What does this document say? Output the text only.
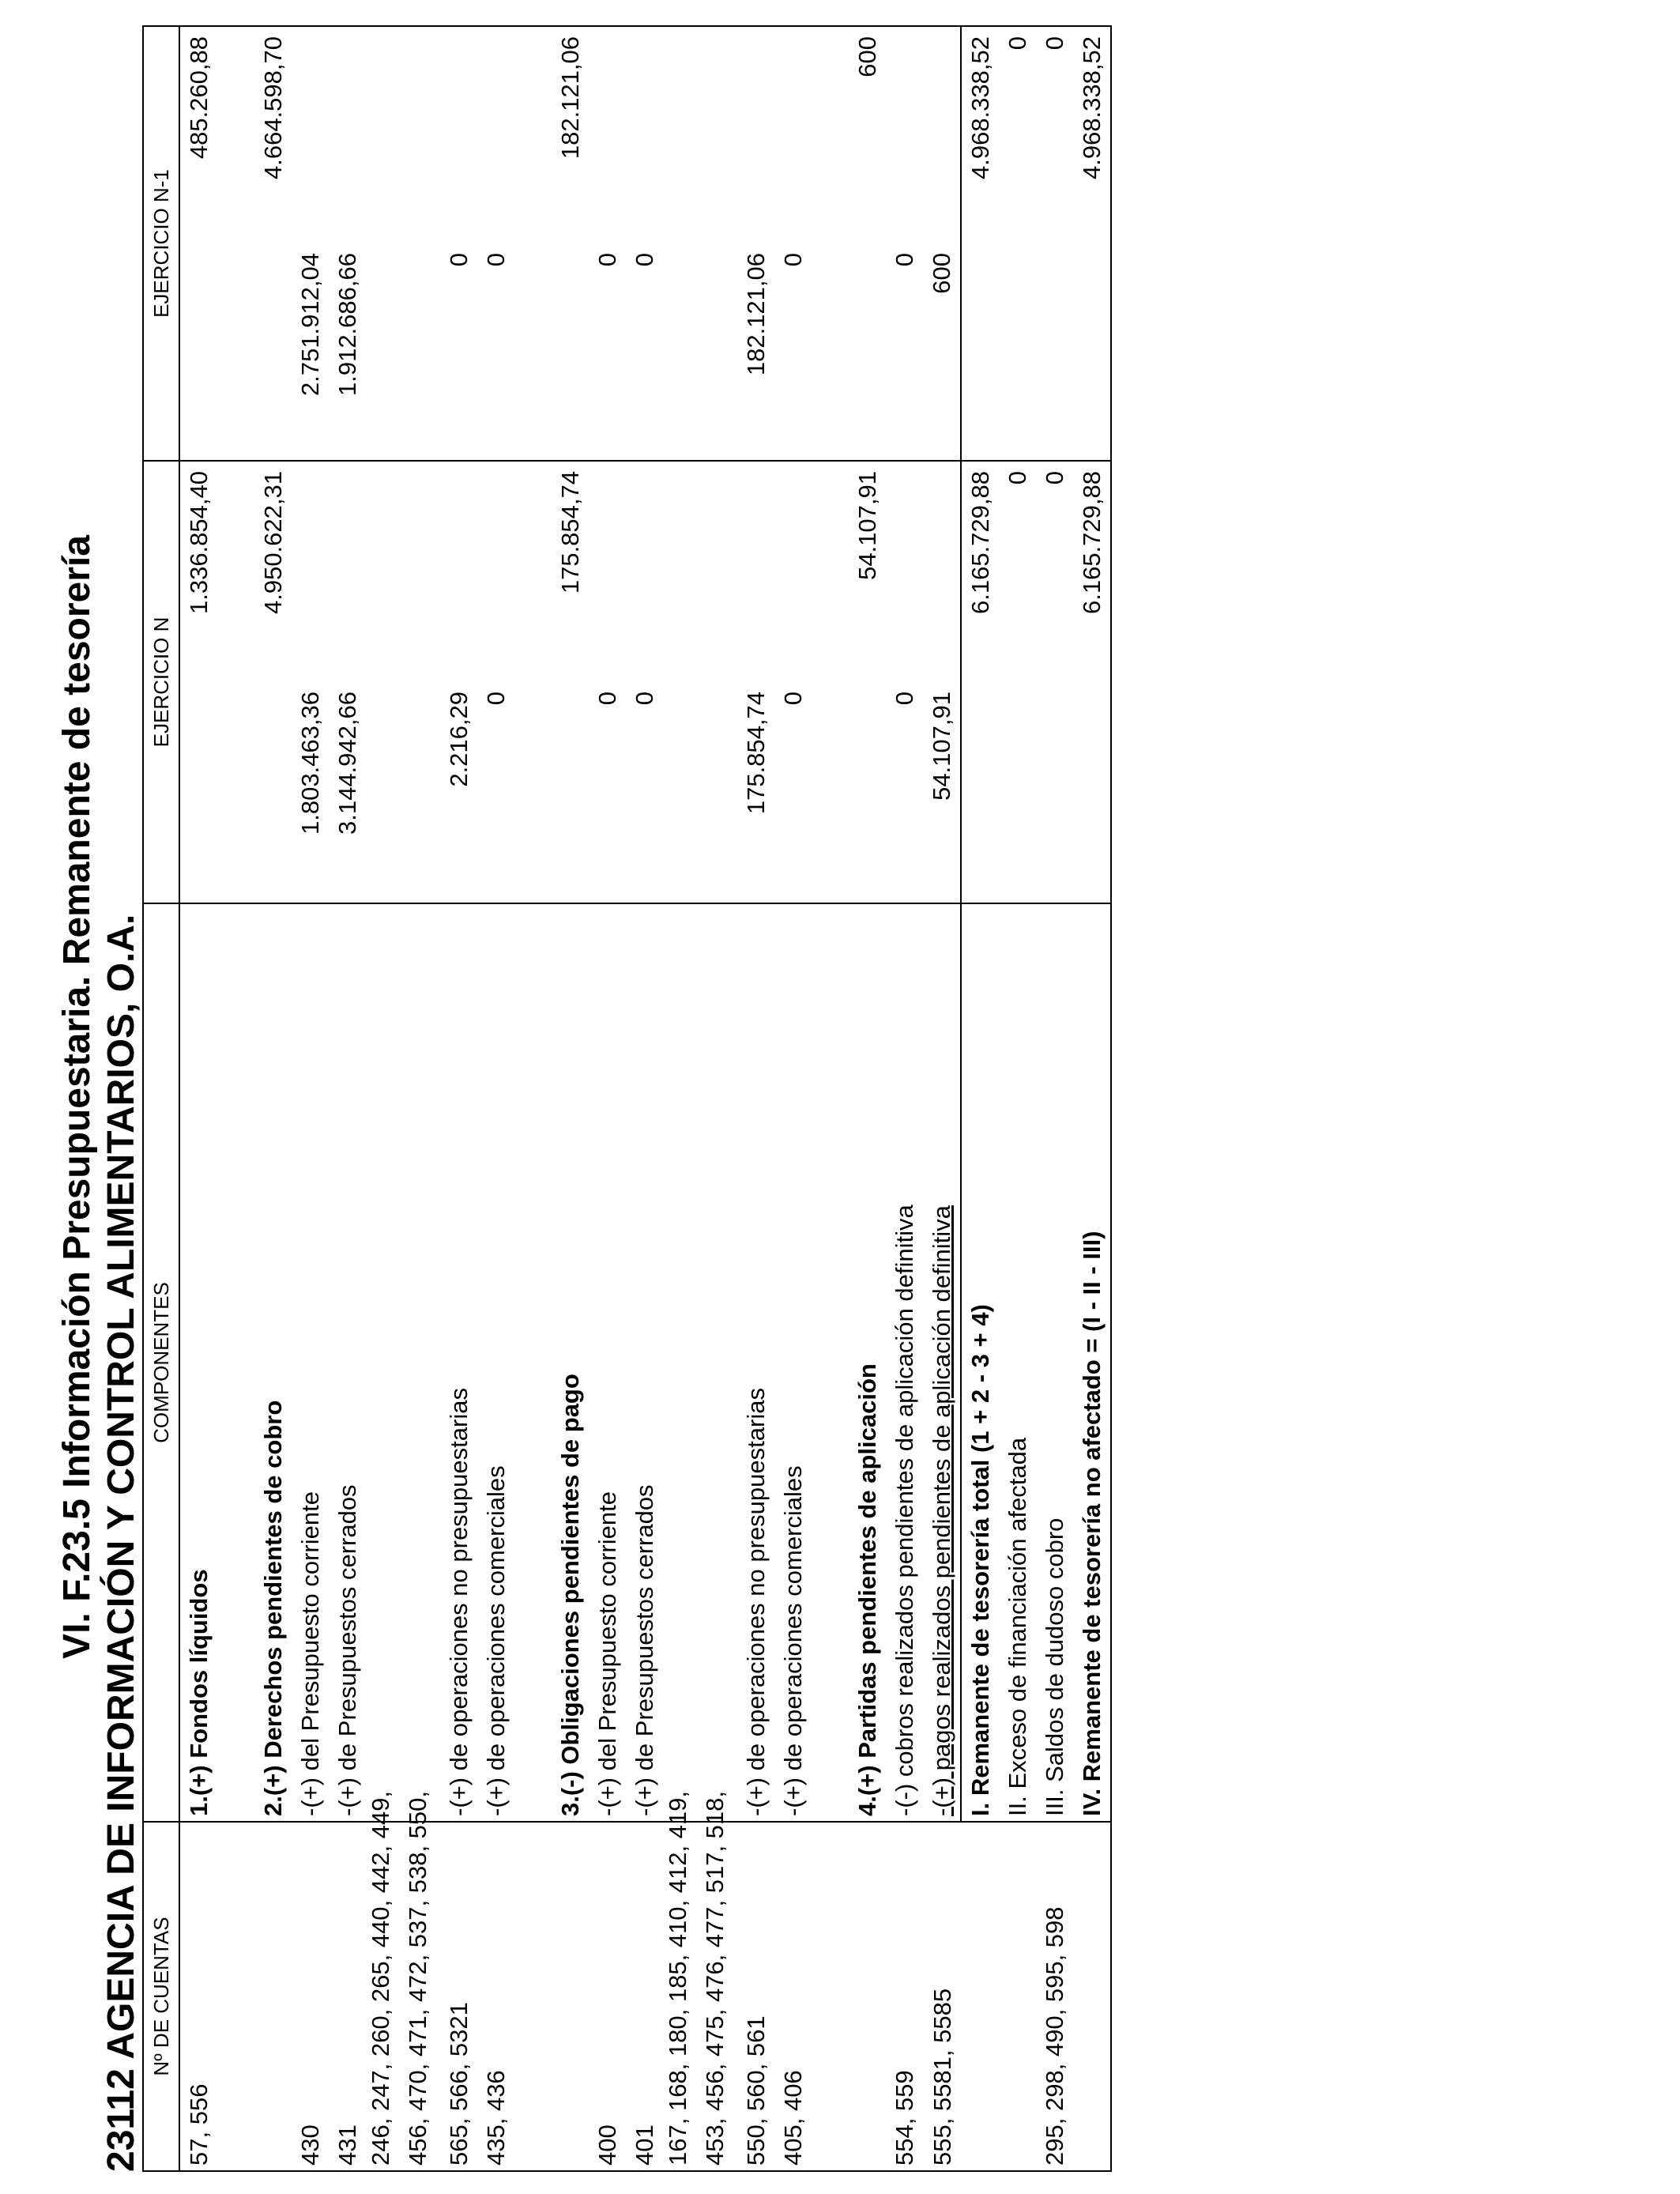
VI. F.23.5 Información Presupuestaria. Remanente de tesorería 23112 AGENCIA DE INFORMACIÓN Y CONTROL ALIMENTARIOS, O.A. Nº DE CUENTAS	COMPONENTES	EJERCICIO N		EJERCICIO N-1	
57, 556	1.(+) Fondos líquidos		1.336.854,40		485.260,88

	2.(+) Derechos pendientes de cobro		4.950.622,31		4.664.598,70
430	-(+) del Presupuesto corriente	1.803.463,36		2.751.912,04	
431	-(+) de Presupuestos cerrados	3.144.942,66		1.912.686,66	
246, 247, 260, 265, 440, 442, 449,					
456, 470, 471, 472, 537, 538, 550,					
565, 566, 5321	-(+) de operaciones no presupuestarias	2.216,29		0	
435, 436	-(+) de operaciones comerciales	0		0	

	3.(-) Obligaciones pendientes de pago		175.854,74		182.121,06
400	-(+) del Presupuesto corriente	0		0	
401	-(+) de Presupuestos cerrados	0		0	
167, 168, 180, 185, 410, 412, 419,					
453, 456, 475, 476, 477, 517, 518,					
550, 560, 561	-(+) de operaciones no presupuestarias	175.854,74		182.121,06	
405, 406	-(+) de operaciones comerciales	0		0	

	4.(+) Partidas pendientes de aplicación		54.107,91		600
554, 559	-(-) cobros realizados pendientes de aplicación definitiva	0		0	
555, 5581, 5585	-(+) pagos realizados pendientes de aplicación definitiva	54.107,91		600	
	I. Remanente de tesorería total (1 + 2 - 3 + 4)		6.165.729,88		4.968.338,52
	II. Exceso de financiación afectada		0		0
295, 298, 490, 595, 598	III. Saldos de dudoso cobro		0		0
	IV. Remanente de tesorería no afectado = (I - II - III)		6.165.729,88		4.968.338,52
